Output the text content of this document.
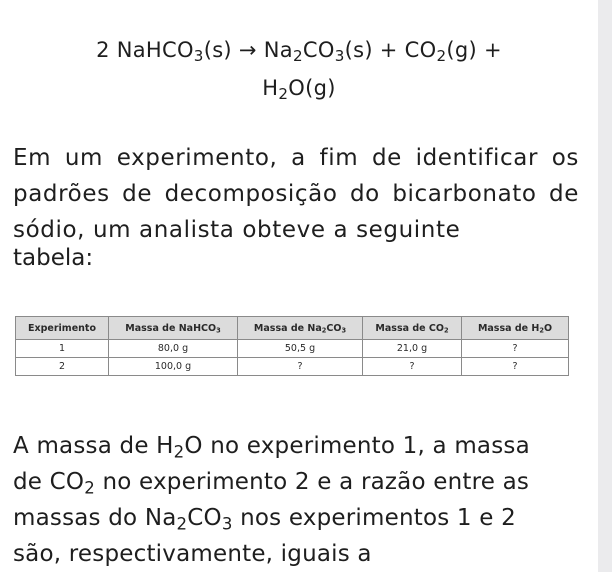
2 NaHCO$_3$(s) → $Na_2CO_3(s) + CO_2(g)$ +
$H_2O(g)$
Em um experimento, a fim de identificar os padrões de decomposição do bicarbonato de sódio, um analista obteve a seguinte
tabela:
Experimento	Massa de NaHCO$_3$	Massa de $Na_2CO_3$	Massa de $CO_2$	Massa de $H_2O$
1	80,0 g	50,5 g	21,0 g	?
2	100,0 g	?	?	?
A massa de $H_2O$ no experimento 1, a massa
de $CO_2$ no experimento 2 e a razão entre as
massas do $Na_2CO_3$ nos experimentos 1 e 2
são, respectivamente, iguais a
